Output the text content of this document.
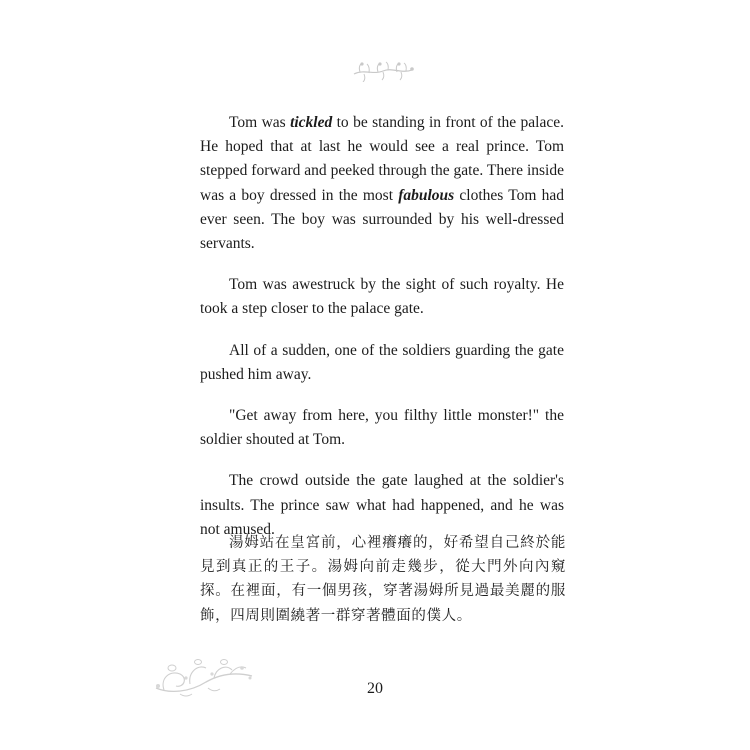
Tom was tickled to be standing in front of the palace. He hoped that at last he would see a real prince. Tom stepped forward and peeked through the gate. There inside was a boy dressed in the most fabulous clothes Tom had ever seen. The boy was surrounded by his well-dressed servants.

Tom was awestruck by the sight of such royalty. He took a step closer to the palace gate.

All of a sudden, one of the soldiers guarding the gate pushed him away.

"Get away from here, you filthy little monster!" the soldier shouted at Tom.

The crowd outside the gate laughed at the soldier's insults. The prince saw what had happened, and he was not amused.

湯姆站在皇宮前，心裡癢癢的，好希望自己終於能見到真正的王子。湯姆向前走幾步，從大門外向內窺探。在裡面，有一個男孩，穿著湯姆所見過最美麗的服飾，四周則圍繞著一群穿著體面的僕人。
20
